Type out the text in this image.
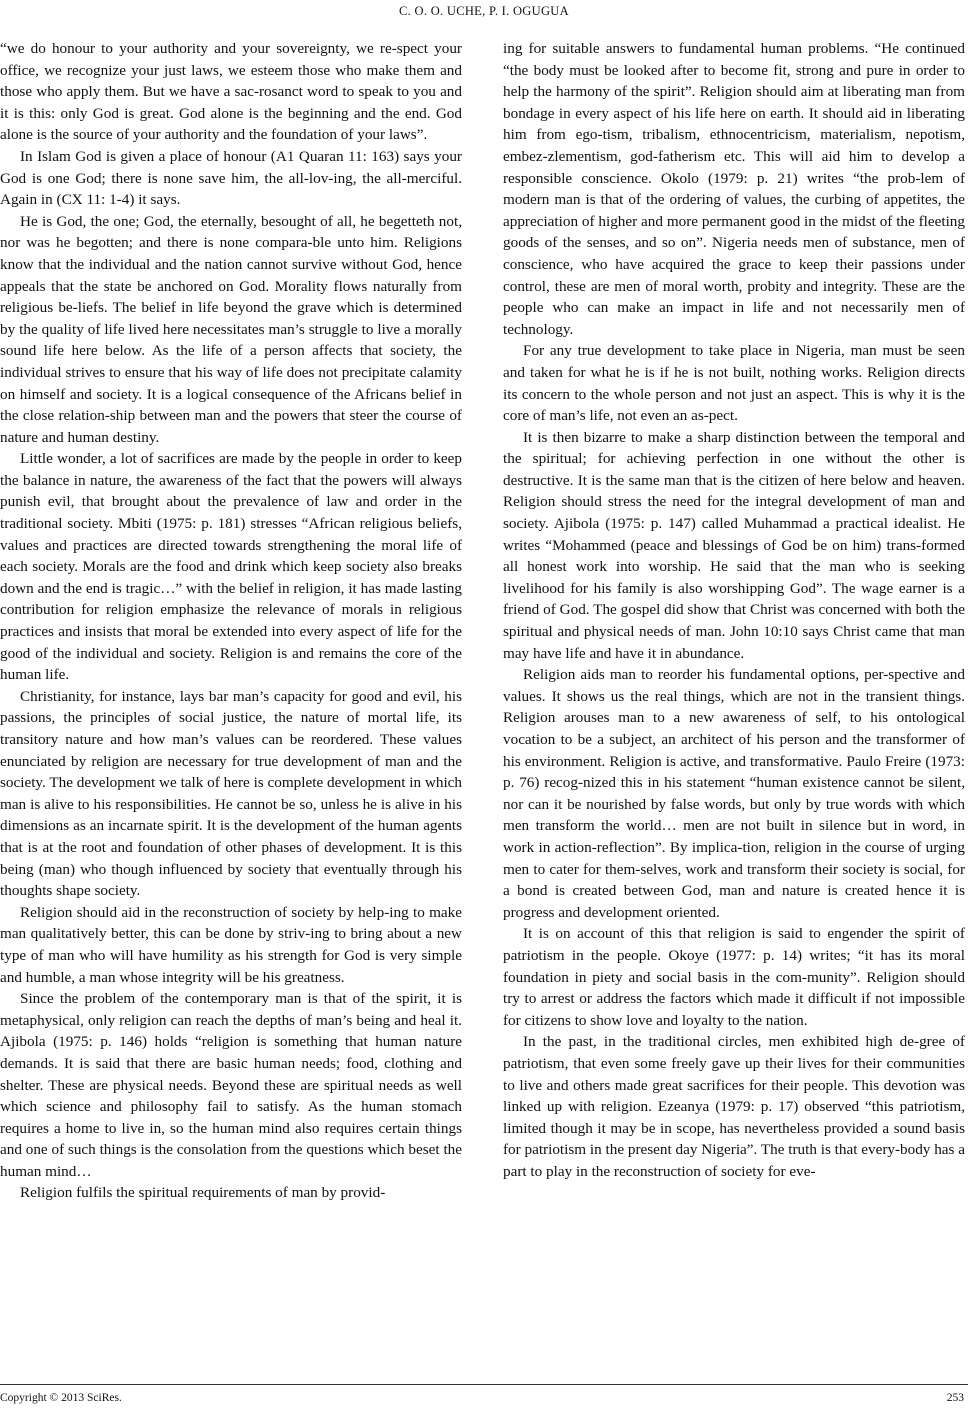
C. O. O. UCHE, P. I. OGUGUA

“we do honour to your authority and your sovereignty, we re-spect your office, we recognize your just laws, we esteem those who make them and those who apply them. But we have a sac-rosanct word to speak to you and it is this: only God is great. God alone is the beginning and the end. God alone is the source of your authority and the foundation of your laws”.

In Islam God is given a place of honour (A1 Quaran 11: 163) says your God is one God; there is none save him, the all-lov-ing, the all-merciful. Again in (CX 11: 1-4) it says.

He is God, the one; God, the eternally, besought of all, he begetteth not, nor was he begotten; and there is none compara-ble unto him. Religions know that the individual and the nation cannot survive without God, hence appeals that the state be anchored on God. Morality flows naturally from religious be-liefs. The belief in life beyond the grave which is determined by the quality of life lived here necessitates man’s struggle to live a morally sound life here below. As the life of a person affects that society, the individual strives to ensure that his way of life does not precipitate calamity on himself and society. It is a logical consequence of the Africans belief in the close relation-ship between man and the powers that steer the course of nature and human destiny.

Little wonder, a lot of sacrifices are made by the people in order to keep the balance in nature, the awareness of the fact that the powers will always punish evil, that brought about the prevalence of law and order in the traditional society. Mbiti (1975: p. 181) stresses “African religious beliefs, values and practices are directed towards strengthening the moral life of each society. Morals are the food and drink which keep society also breaks down and the end is tragic…” with the belief in religion, it has made lasting contribution for religion emphasize the relevance of morals in religious practices and insists that moral be extended into every aspect of life for the good of the individual and society. Religion is and remains the core of the human life.

Christianity, for instance, lays bar man’s capacity for good and evil, his passions, the principles of social justice, the nature of mortal life, its transitory nature and how man’s values can be reordered. These values enunciated by religion are necessary for true development of man and the society. The development we talk of here is complete development in which man is alive to his responsibilities. He cannot be so, unless he is alive in his dimensions as an incarnate spirit. It is the development of the human agents that is at the root and foundation of other phases of development. It is this being (man) who though influenced by society that eventually through his thoughts shape society.

Religion should aid in the reconstruction of society by help-ing to make man qualitatively better, this can be done by striv-ing to bring about a new type of man who will have humility as his strength for God is very simple and humble, a man whose integrity will be his greatness.

Since the problem of the contemporary man is that of the spirit, it is metaphysical, only religion can reach the depths of man’s being and heal it. Ajibola (1975: p. 146) holds “religion is something that human nature demands. It is said that there are basic human needs; food, clothing and shelter. These are physical needs. Beyond these are spiritual needs as well which science and philosophy fail to satisfy. As the human stomach requires a home to live in, so the human mind also requires certain things and one of such things is the consolation from the questions which beset the human mind…

Religion fulfils the spiritual requirements of man by provid-

ing for suitable answers to fundamental human problems. “He continued “the body must be looked after to become fit, strong and pure in order to help the harmony of the spirit”. Religion should aim at liberating man from bondage in every aspect of his life here on earth. It should aid in liberating him from ego-tism, tribalism, ethnocentricism, materialism, nepotism, embez-zlementism, god-fatherism etc. This will aid him to develop a responsible conscience. Okolo (1979: p. 21) writes “the prob-lem of modern man is that of the ordering of values, the curbing of appetites, the appreciation of higher and more permanent good in the midst of the fleeting goods of the senses, and so on”. Nigeria needs men of substance, men of conscience, who have acquired the grace to keep their passions under control, these are men of moral worth, probity and integrity. These are the people who can make an impact in life and not necessarily men of technology.

For any true development to take place in Nigeria, man must be seen and taken for what he is if he is not built, nothing works. Religion directs its concern to the whole person and not just an aspect. This is why it is the core of man’s life, not even an as-pect.

It is then bizarre to make a sharp distinction between the temporal and the spiritual; for achieving perfection in one without the other is destructive. It is the same man that is the citizen of here below and heaven. Religion should stress the need for the integral development of man and society. Ajibola (1975: p. 147) called Muhammad a practical idealist. He writes “Mohammed (peace and blessings of God be on him) trans-formed all honest work into worship. He said that the man who is seeking livelihood for his family is also worshipping God”. The wage earner is a friend of God. The gospel did show that Christ was concerned with both the spiritual and physical needs of man. John 10:10 says Christ came that man may have life and have it in abundance.

Religion aids man to reorder his fundamental options, per-spective and values. It shows us the real things, which are not in the transient things. Religion arouses man to a new awareness of self, to his ontological vocation to be a subject, an architect of his person and the transformer of his environment. Religion is active, and transformative. Paulo Freire (1973: p. 76) recog-nized this in his statement “human existence cannot be silent, nor can it be nourished by false words, but only by true words with which men transform the world… men are not built in silence but in word, in work in action-reflection”. By implica-tion, religion in the course of urging men to cater for them-selves, work and transform their society is social, for a bond is created between God, man and nature is created hence it is progress and development oriented.

It is on account of this that religion is said to engender the spirit of patriotism in the people. Okoye (1977: p. 14) writes; “it has its moral foundation in piety and social basis in the com-munity”. Religion should try to arrest or address the factors which made it difficult if not impossible for citizens to show love and loyalty to the nation.

In the past, in the traditional circles, men exhibited high de-gree of patriotism, that even some freely gave up their lives for their communities to live and others made great sacrifices for their people. This devotion was linked up with religion. Ezeanya (1979: p. 17) observed “this patriotism, limited though it may be in scope, has nevertheless provided a sound basis for patriotism in the present day Nigeria”. The truth is that every-body has a part to play in the reconstruction of society for eve-

Copyright © 2013 SciRes.	253
